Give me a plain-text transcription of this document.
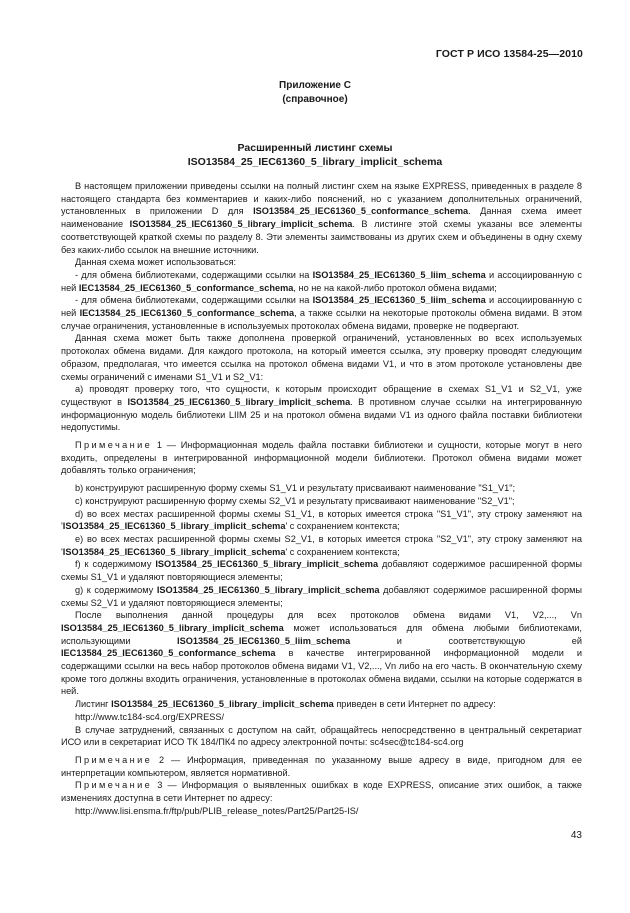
ГОСТ Р ИСО 13584-25—2010
Приложение С
(справочное)
Расширенный листинг схемы
ISO13584_25_IEC61360_5_library_implicit_schema

В настоящем приложении приведены ссылки на полный листинг схем на языке EXPRESS, приведенных в разделе 8 настоящего стандарта без комментариев и каких-либо пояснений, но с указанием дополнительных ограничений, установленных в приложении D для ISO13584_25_IEC61360_5_conformance_schema. Данная схема имеет наименование ISO13584_25_IEC61360_5_library_implicit_schema. В листинге этой схемы указаны все элементы соответствующей краткой схемы по разделу 8. Эти элементы заимствованы из других схем и объединены в одну схему без каких-либо ссылок на внешние источники.

Данная схема может использоваться:

- для обмена библиотеками, содержащими ссылки на ISO13584_25_IEC61360_5_liim_schema и ассоциированную с ней IEC13584_25_IEC61360_5_conformance_schema, но не на какой-либо протокол обмена видами;

- для обмена библиотеками, содержащими ссылки на ISO13584_25_IEC61360_5_liim_schema и ассоциированную с ней IEC13584_25_IEC61360_5_conformance_schema, а также ссылки на некоторые протоколы обмена видами. В этом случае ограничения, установленные в используемых протоколах обмена видами, проверке не подвергают.

Данная схема может быть также дополнена проверкой ограничений, установленных во всех используемых протоколах обмена видами. Для каждого протокола, на который имеется ссылка, эту проверку проводят следующим образом, предполагая, что имеется ссылка на протокол обмена видами V1, и что в этом протоколе установлены две схемы ограничений с именами S1_V1 и S2_V1:

а) проводят проверку того, что сущности, к которым происходит обращение в схемах S1_V1 и S2_V1, уже существуют в ISO13584_25_IEC61360_5_library_implicit_schema. В противном случае ссылки на интегрированную информационную модель библиотеки LIIM 25 и на протокол обмена видами V1 из одного файла поставки библиотеки недопустимы.

Примечание 1 — Информационная модель файла поставки библиотеки и сущности, которые могут в него входить, определены в интегрированной информационной модели библиотеки. Протокол обмена видами может добавлять только ограничения;

b) конструируют расширенную форму схемы S1_V1 и результату присваивают наименование "S1_V1";

с) конструируют расширенную форму схемы S2_V1 и результату присваивают наименование "S2_V1";

d) во всех местах расширенной формы схемы S1_V1, в которых имеется строка "S1_V1", эту строку заменяют на 'ISO13584_25_IEC61360_5_library_implicit_schema' с сохранением контекста;

е) во всех местах расширенной формы схемы S2_V1, в которых имеется строка "S2_V1", эту строку заменяют на 'ISO13584_25_IEC61360_5_library_implicit_schema' с сохранением контекста;

f) к содержимому ISO13584_25_IEC61360_5_library_implicit_schema добавляют содержимое расширенной формы схемы S1_V1 и удаляют повторяющиеся элементы;

g) к содержимому ISO13584_25_IEC61360_5_library_implicit_schema добавляют содержимое расширенной формы схемы S2_V1 и удаляют повторяющиеся элементы;

После выполнения данной процедуры для всех протоколов обмена видами V1, V2,..., Vn ISO13584_25_IEC61360_5_library_implicit_schema может использоваться для обмена любыми библиотеками, использующими ISO13584_25_IEC61360_5_liim_schema и соответствующую ей IEC13584_25_IEC61360_5_conformance_schema в качестве интегрированной информационной модели и содержащими ссылки на весь набор протоколов обмена видами V1, V2,..., Vn либо на его часть. В окончательную схему кроме того должны входить ограничения, установленные в протоколах обмена видами, ссылки на которые содержатся в ней.

Листинг ISO13584_25_IEC61360_5_library_implicit_schema приведен в сети Интернет по адресу:

http://www.tc184-sc4.org/EXPRESS/

В случае затруднений, связанных с доступом на сайт, обращайтесь непосредственно в центральный секретариат ИСО или в секретариат ИСО ТК 184/ПК4 по адресу электронной почты: sc4sec@tc184-sc4.org

Примечание 2 — Информация, приведенная по указанному выше адресу в виде, пригодном для ее интерпретации компьютером, является нормативной.

Примечание 3 — Информация о выявленных ошибках в коде EXPRESS, описание этих ошибок, а также изменениях доступна в сети Интернет по адресу:

http://www.lisi.ensma.fr/ftp/pub/PLIB_release_notes/Part25/Part25-IS/

43
